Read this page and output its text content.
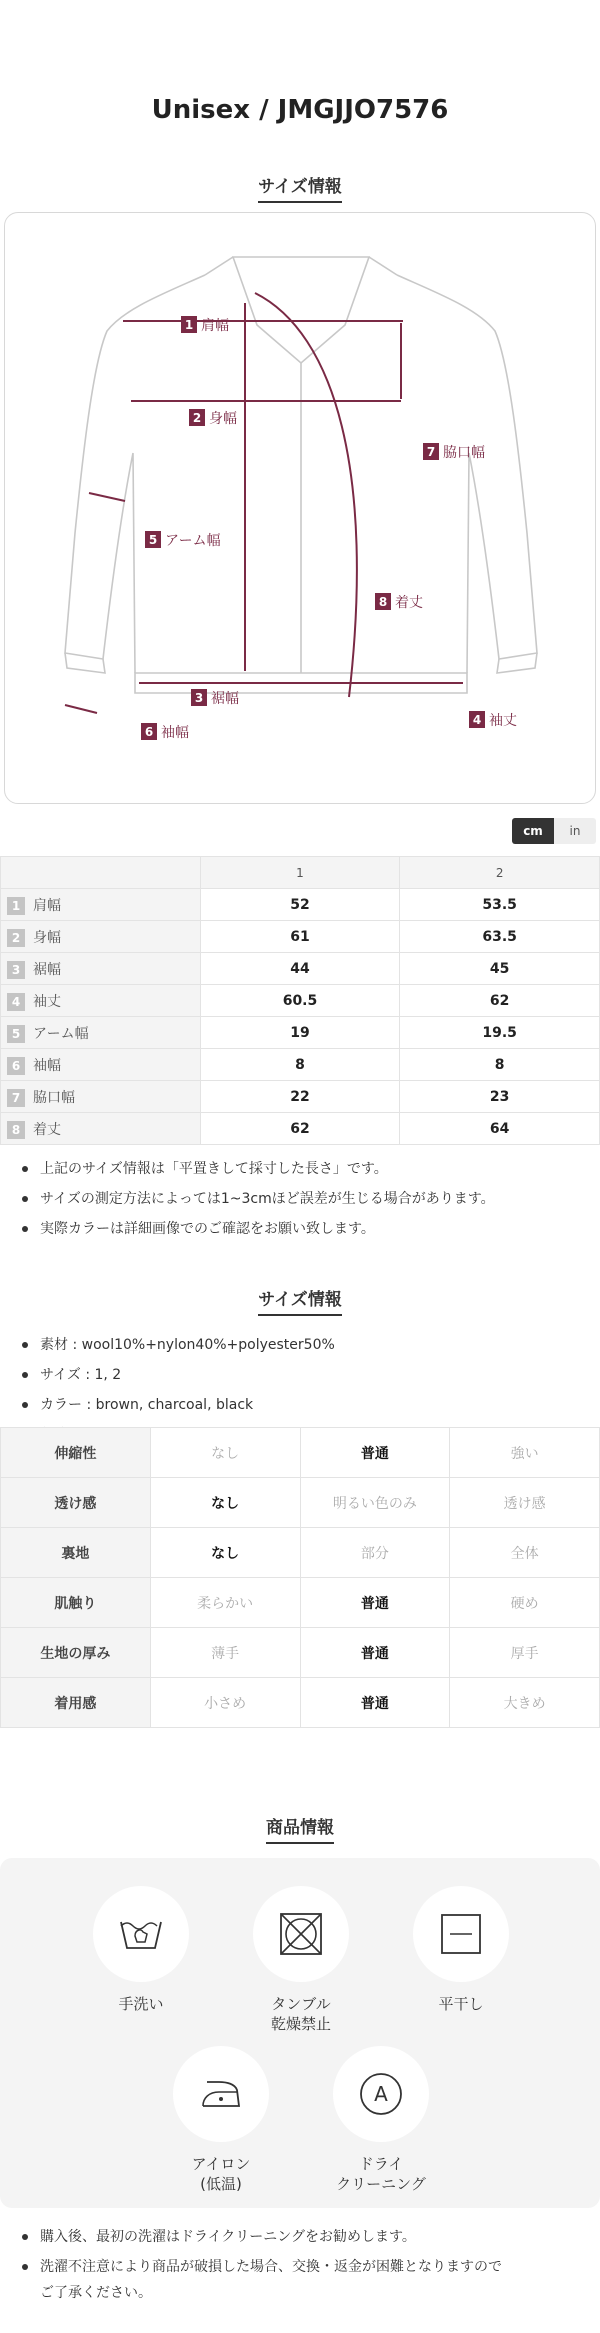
Unisex / JMGJJO7576
サイズ情報
1 肩幅
2 身幅
3 裾幅
4 袖丈
5 アーム幅
6 袖幅
7 脇口幅
8 着丈
cm	in
	1	2
1 肩幅	52	53.5
2 身幅	61	63.5
3 裾幅	44	45
4 袖丈	60.5	62
5 アーム幅	19	19.5
6 袖幅	8	8
7 脇口幅	22	23
8 着丈	62	64
上記のサイズ情報は「平置きして採寸した長さ」です。
サイズの測定方法によっては1~3cmほど誤差が生じる場合があります。
実際カラーは詳細画像でのご確認をお願い致します。
サイズ情報
素材 : wool10%+nylon40%+polyester50%
サイズ : 1, 2
カラー : brown, charcoal, black
伸縮性	なし	普通	強い
透け感	なし	明るい色のみ	透け感
裏地	なし	部分	全体
肌触り	柔らかい	普通	硬め
生地の厚み	薄手	普通	厚手
着用感	小さめ	普通	大きめ
商品情報
手洗い	タンブル
乾燥禁止
平干し
アイロン
(低温)
A
ドライ
クリーニング
購入後、最初の洗濯はドライクリーニングをお勧めします。
洗濯不注意により商品が破損した場合、交換・返金が困難となりますので
ご了承ください。
